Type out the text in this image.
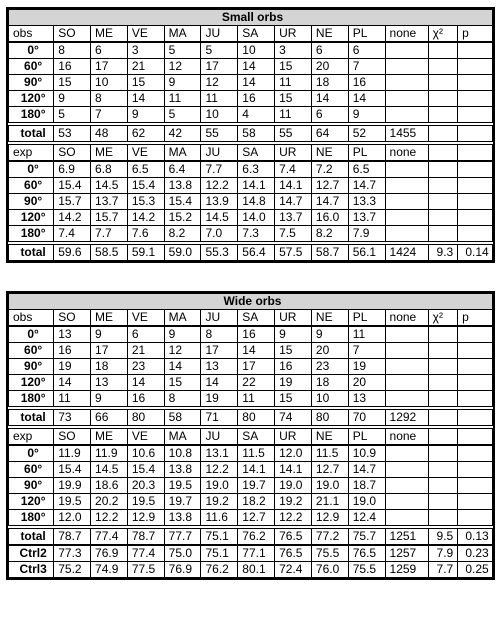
Small orbs												
obs	SO	ME	VE	MA	JU	SA	UR	NE	PL	none	χ²	p
0°	8	6	3	5	5	10	3	6	6			
60°	16	17	21	12	17	14	15	20	7			
90°	15	10	15	9	12	14	11	18	16			
120°	9	8	14	11	11	16	15	14	14			
180°	5	7	9	5	10	4	11	6	9			

total	53	48	62	42	55	58	55	64	52	1455		

exp	SO	ME	VE	MA	JU	SA	UR	NE	PL	none		
0°	6.9	6.8	6.5	6.4	7.7	6.3	7.4	7.2	6.5			
60°	15.4	14.5	15.4	13.8	12.2	14.1	14.1	12.7	14.7			
90°	15.7	13.7	15.3	15.4	13.9	14.8	14.7	14.7	13.3			
120°	14.2	15.7	14.2	15.2	14.5	14.0	13.7	16.0	13.7			
180°	7.4	7.7	7.6	8.2	7.0	7.3	7.5	8.2	7.9			

total	59.6	58.5	59.1	59.0	55.3	56.4	57.5	58.7	56.1	1424	9.3	0.14
Wide orbs												
obs	SO	ME	VE	MA	JU	SA	UR	NE	PL	none	χ²	p
0°	13	9	6	9	8	16	9	9	11			
60°	16	17	21	12	17	14	15	20	7			
90°	19	18	23	14	13	17	16	23	19			
120°	14	13	14	15	14	22	19	18	20			
180°	11	9	16	8	19	11	15	10	13			

total	73	66	80	58	71	80	74	80	70	1292		

exp	SO	ME	VE	MA	JU	SA	UR	NE	PL	none		
0°	11.9	11.9	10.6	10.8	13.1	11.5	12.0	11.5	10.9			
60°	15.4	14.5	15.4	13.8	12.2	14.1	14.1	12.7	14.7			
90°	19.9	18.6	20.3	19.5	19.0	19.7	19.0	19.0	18.7			
120°	19.5	20.2	19.5	19.7	19.2	18.2	19.2	21.1	19.0			
180°	12.0	12.2	12.9	13.8	11.6	12.7	12.2	12.9	12.4			

total	78.7	77.4	78.7	77.7	75.1	76.2	76.5	77.2	75.7	1251	9.5	0.13
Ctrl2	77.3	76.9	77.4	75.0	75.1	77.1	76.5	75.5	76.5	1257	7.9	0.23
Ctrl3	75.2	74.9	77.5	76.9	76.2	80.1	72.4	76.0	75.5	1259	7.7	0.25
